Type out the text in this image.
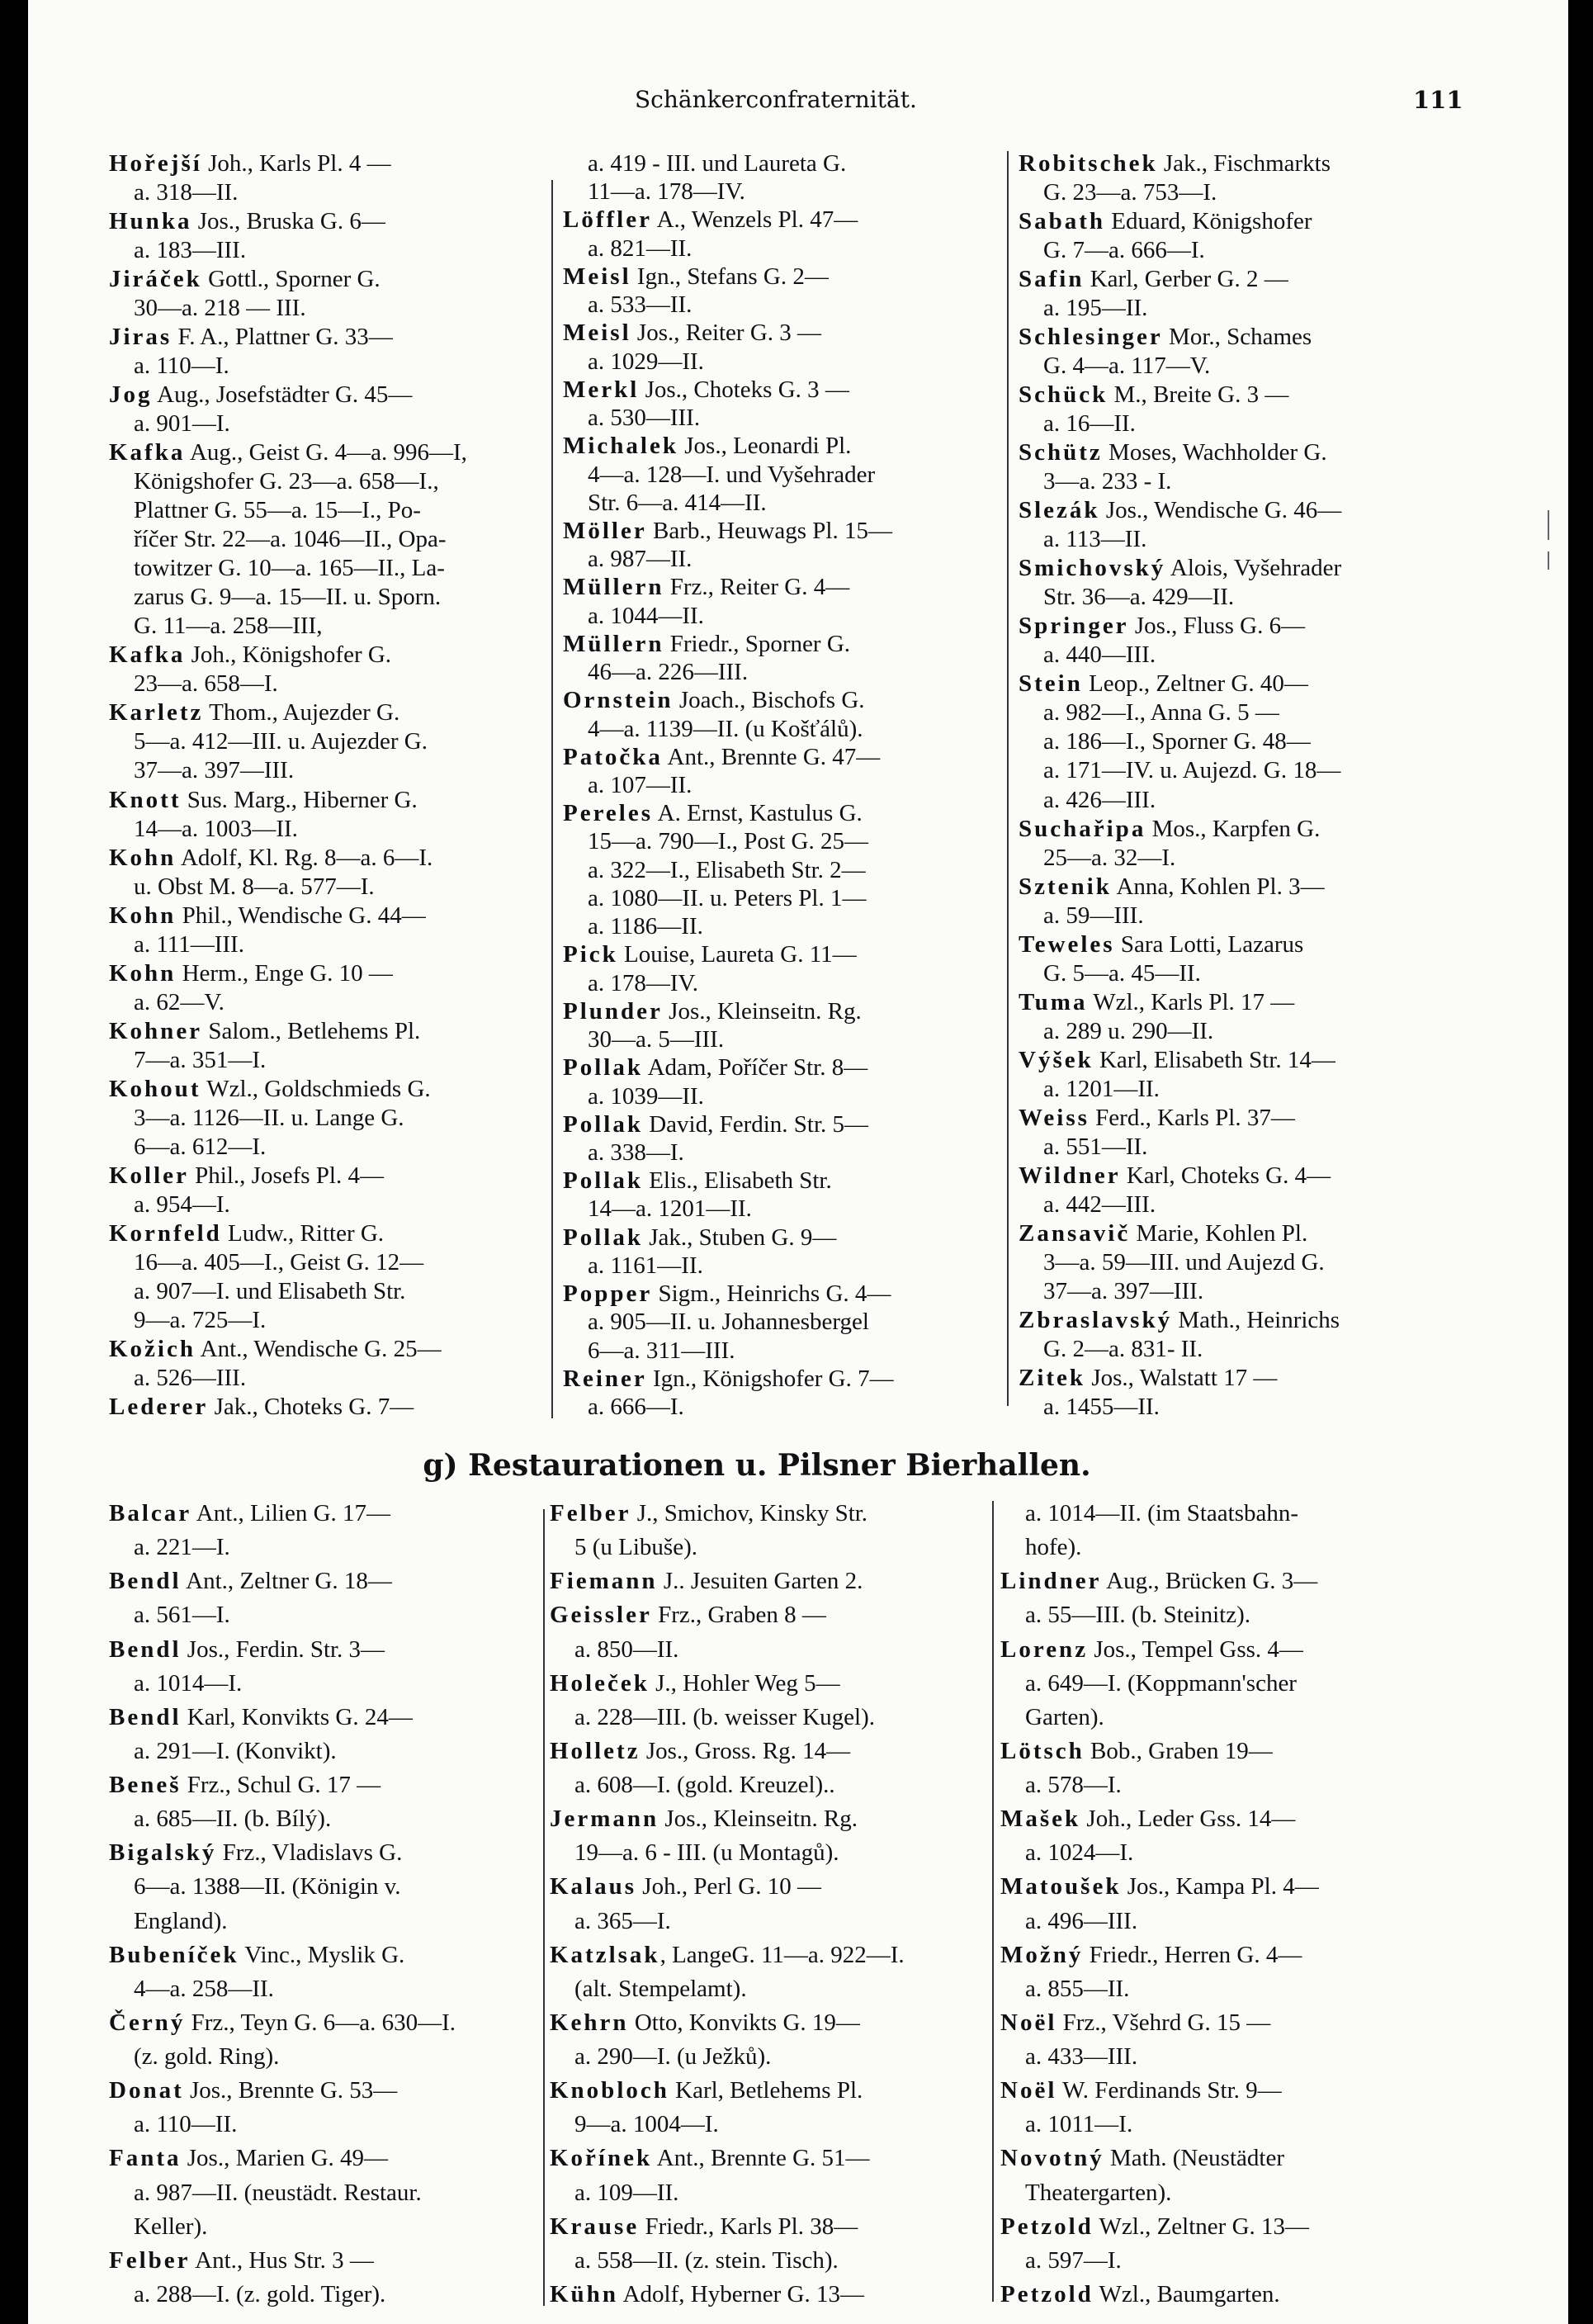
Schänkerconfraternität.	111
Hořejší Joh., Karls Pl. 4 —
a. 318—II.
Hunka Jos., Bruska G. 6—
a. 183—III.
Jiráček Gottl., Sporner G.
30—a. 218 — III.
Jiras F. A., Plattner G. 33—
a. 110—I.
Jog Aug., Josefstädter G. 45—
a. 901—I.
Kafka Aug., Geist G. 4—a. 996—I,
Königshofer G. 23—a. 658—I.,
Plattner G. 55—a. 15—I., Po-
říčer Str. 22—a. 1046—II., Opa-
towitzer G. 10—a. 165—II., La-
zarus G. 9—a. 15—II. u. Sporn.
G. 11—a. 258—III,
Kafka Joh., Königshofer G.
23—a. 658—I.
Karletz Thom., Aujezder G.
5—a. 412—III. u. Aujezder G.
37—a. 397—III.
Knott Sus. Marg., Hiberner G.
14—a. 1003—II.
Kohn Adolf, Kl. Rg. 8—a. 6—I.
u. Obst M. 8—a. 577—I.
Kohn Phil., Wendische G. 44—
a. 111—III.
Kohn Herm., Enge G. 10 —
a. 62—V.
Kohner Salom., Betlehems Pl.
7—a. 351—I.
Kohout Wzl., Goldschmieds G.
3—a. 1126—II. u. Lange G.
6—a. 612—I.
Koller Phil., Josefs Pl. 4—
a. 954—I.
Kornfeld Ludw., Ritter G.
16—a. 405—I., Geist G. 12—
a. 907—I. und Elisabeth Str.
9—a. 725—I.
Kožich Ant., Wendische G. 25—
a. 526—III.
Lederer Jak., Choteks G. 7—
a. 419 - III. und Laureta G.
11—a. 178—IV.
Löffler A., Wenzels Pl. 47—
a. 821—II.
Meisl Ign., Stefans G. 2—
a. 533—II.
Meisl Jos., Reiter G. 3 —
a. 1029—II.
Merkl Jos., Choteks G. 3 —
a. 530—III.
Michalek Jos., Leonardi Pl.
4—a. 128—I. und Vyšehrader
Str. 6—a. 414—II.
Möller Barb., Heuwags Pl. 15—
a. 987—II.
Müllern Frz., Reiter G. 4—
a. 1044—II.
Müllern Friedr., Sporner G.
46—a. 226—III.
Ornstein Joach., Bischofs G.
4—a. 1139—II. (u Košťálů).
Patočka Ant., Brennte G. 47—
a. 107—II.
Pereles A. Ernst, Kastulus G.
15—a. 790—I., Post G. 25—
a. 322—I., Elisabeth Str. 2—
a. 1080—II. u. Peters Pl. 1—
a. 1186—II.
Pick Louise, Laureta G. 11—
a. 178—IV.
Plunder Jos., Kleinseitn. Rg.
30—a. 5—III.
Pollak Adam, Poříčer Str. 8—
a. 1039—II.
Pollak David, Ferdin. Str. 5—
a. 338—I.
Pollak Elis., Elisabeth Str.
14—a. 1201—II.
Pollak Jak., Stuben G. 9—
a. 1161—II.
Popper Sigm., Heinrichs G. 4—
a. 905—II. u. Johannesbergel
6—a. 311—III.
Reiner Ign., Königshofer G. 7—
a. 666—I.
Robitschek Jak., Fischmarkts
G. 23—a. 753—I.
Sabath Eduard, Königshofer
G. 7—a. 666—I.
Safin Karl, Gerber G. 2 —
a. 195—II.
Schlesinger Mor., Schames
G. 4—a. 117—V.
Schück M., Breite G. 3 —
a. 16—II.
Schütz Moses, Wachholder G.
3—a. 233 - I.
Slezák Jos., Wendische G. 46—
a. 113—II.
Smichovský Alois, Vyšehrader
Str. 36—a. 429—II.
Springer Jos., Fluss G. 6—
a. 440—III.
Stein Leop., Zeltner G. 40—
a. 982—I., Anna G. 5 —
a. 186—I., Sporner G. 48—
a. 171—IV. u. Aujezd. G. 18—
a. 426—III.
Suchařipa Mos., Karpfen G.
25—a. 32—I.
Sztenik Anna, Kohlen Pl. 3—
a. 59—III.
Teweles Sara Lotti, Lazarus
G. 5—a. 45—II.
Tuma Wzl., Karls Pl. 17 —
a. 289 u. 290—II.
Výšek Karl, Elisabeth Str. 14—
a. 1201—II.
Weiss Ferd., Karls Pl. 37—
a. 551—II.
Wildner Karl, Choteks G. 4—
a. 442—III.
Zansavič Marie, Kohlen Pl.
3—a. 59—III. und Aujezd G.
37—a. 397—III.
Zbraslavský Math., Heinrichs
G. 2—a. 831- II.
Zitek Jos., Walstatt 17 —
a. 1455—II.
g) Restaurationen u. Pilsner Bierhallen.
Balcar Ant., Lilien G. 17—
a. 221—I.
Bendl Ant., Zeltner G. 18—
a. 561—I.
Bendl Jos., Ferdin. Str. 3—
a. 1014—I.
Bendl Karl, Konvikts G. 24—
a. 291—I. (Konvikt).
Beneš Frz., Schul G. 17 —
a. 685—II. (b. Bílý).
Bigalský Frz., Vladislavs G.
6—a. 1388—II. (Königin v.
England).
Bubeníček Vinc., Myslik G.
4—a. 258—II.
Černý Frz., Teyn G. 6—a. 630—I.
(z. gold. Ring).
Donat Jos., Brennte G. 53—
a. 110—II.
Fanta Jos., Marien G. 49—
a. 987—II. (neustädt. Restaur.
Keller).
Felber Ant., Hus Str. 3 —
a. 288—I. (z. gold. Tiger).
Felber J., Smichov, Kinsky Str.
5 (u Libuše).
Fiemann J.. Jesuiten Garten 2.
Geissler Frz., Graben 8 —
a. 850—II.
Holeček J., Hohler Weg 5—
a. 228—III. (b. weisser Kugel).
Holletz Jos., Gross. Rg. 14—
a. 608—I. (gold. Kreuzel)..
Jermann Jos., Kleinseitn. Rg.
19—a. 6 - III. (u Montagů).
Kalaus Joh., Perl G. 10 —
a. 365—I.
Katzlsak, LangeG. 11—a. 922—I.
(alt. Stempelamt).
Kehrn Otto, Konvikts G. 19—
a. 290—I. (u Ježků).
Knobloch Karl, Betlehems Pl.
9—a. 1004—I.
Kořínek Ant., Brennte G. 51—
a. 109—II.
Krause Friedr., Karls Pl. 38—
a. 558—II. (z. stein. Tisch).
Kühn Adolf, Hyberner G. 13—
a. 1014—II. (im Staatsbahn-
hofe).
Lindner Aug., Brücken G. 3—
a. 55—III. (b. Steinitz).
Lorenz Jos., Tempel Gss. 4—
a. 649—I. (Koppmann'scher
Garten).
Lötsch Bob., Graben 19—
a. 578—I.
Mašek Joh., Leder Gss. 14—
a. 1024—I.
Matoušek Jos., Kampa Pl. 4—
a. 496—III.
Možný Friedr., Herren G. 4—
a. 855—II.
Noël Frz., Všehrd G. 15 —
a. 433—III.
Noël W. Ferdinands Str. 9—
a. 1011—I.
Novotný Math. (Neustädter
Theatergarten).
Petzold Wzl., Zeltner G. 13—
a. 597—I.
Petzold Wzl., Baumgarten.
